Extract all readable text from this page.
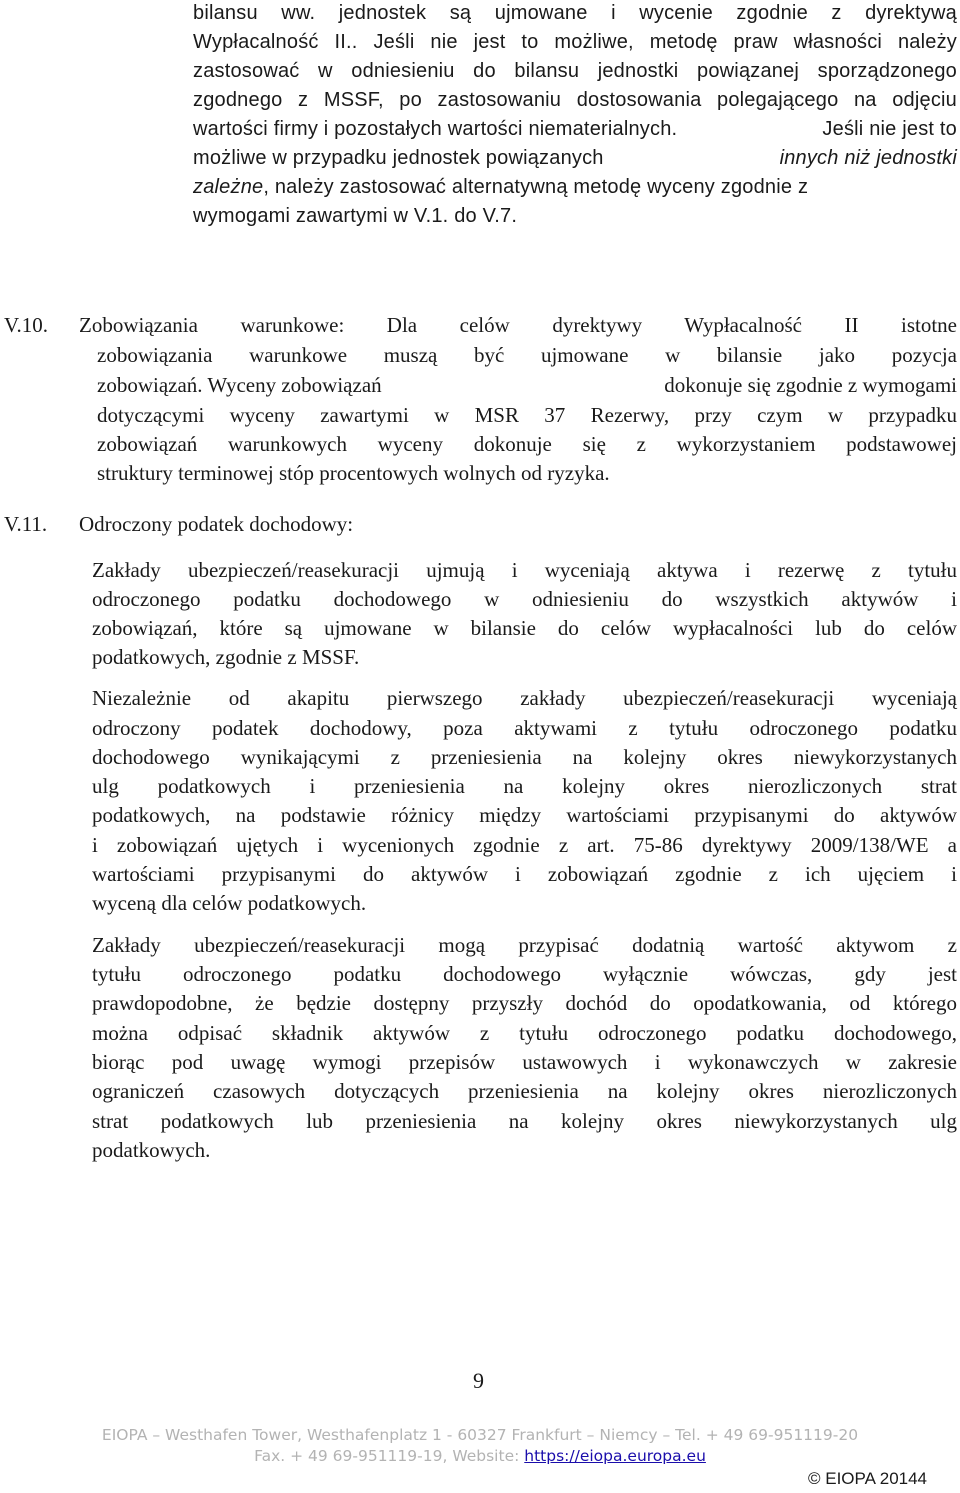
bilansu ww. jednostek są ujmowane i wycenie zgodnie z dyrektywą
Wypłacalność II.. Jeśli nie jest to możliwe, metodę praw własności należy
zastosować w odniesieniu do bilansu jednostki powiązanej sporządzonego
zgodnego z MSSF, po zastosowaniu dostosowania polegającego na odjęciu
wartości firmy i pozostałych wartości niematerialnych.	Jeśli nie jest to
możliwe w przypadku jednostek powiązanych	innych niż jednostki
zależne, należy zastosować alternatywną metodę wyceny zgodnie z
wymogami zawartymi w V.1. do V.7.
V.10. Zobowiązania warunkowe: Dla celów dyrektywy Wypłacalność II istotne
zobowiązania warunkowe muszą być ujmowane w bilansie jako pozycja
zobowiązań. Wyceny zobowiązań	dokonuje się zgodnie z wymogami
dotyczącymi wyceny zawartymi w MSR 37 Rezerwy, przy czym w przypadku
zobowiązań warunkowych wyceny dokonuje się z wykorzystaniem podstawowej
struktury terminowej stóp procentowych wolnych od ryzyka.
V.11. Odroczony podatek dochodowy:
Zakłady ubezpieczeń/reasekuracji ujmują i wyceniają aktywa i rezerwę z tytułu
odroczonego podatku dochodowego w odniesieniu do wszystkich aktywów i
zobowiązań, które są ujmowane w bilansie do celów wypłacalności lub do celów
podatkowych, zgodnie z MSSF.
Niezależnie od akapitu pierwszego zakłady ubezpieczeń/reasekuracji wyceniają
odroczony podatek dochodowy, poza aktywami z tytułu odroczonego podatku
dochodowego wynikającymi z przeniesienia na kolejny okres niewykorzystanych
ulg podatkowych i przeniesienia na kolejny okres nierozliczonych strat
podatkowych, na podstawie różnicy między wartościami przypisanymi do aktywów
i zobowiązań ujętych i wycenionych zgodnie z art. 75-86 dyrektywy 2009/138/WE a
wartościami przypisanymi do aktywów i zobowiązań zgodnie z ich ujęciem i
wyceną dla celów podatkowych.
Zakłady ubezpieczeń/reasekuracji mogą przypisać dodatnią wartość aktywom z
tytułu odroczonego podatku dochodowego wyłącznie wówczas, gdy jest
prawdopodobne, że będzie dostępny przyszły dochód do opodatkowania, od którego
można odpisać składnik aktywów z tytułu odroczonego podatku dochodowego,
biorąc pod uwagę wymogi przepisów ustawowych i wykonawczych w zakresie
ograniczeń czasowych dotyczących przeniesienia na kolejny okres nierozliczonych
strat podatkowych lub przeniesienia na kolejny okres niewykorzystanych ulg
podatkowych.
9
EIOPA – Westhafen Tower, Westhafenplatz 1 - 60327 Frankfurt – Niemcy – Tel. + 49 69-951119-20
Fax. + 49 69-951119-19, Website: https://eiopa.europa.eu
© EIOPA 20144
